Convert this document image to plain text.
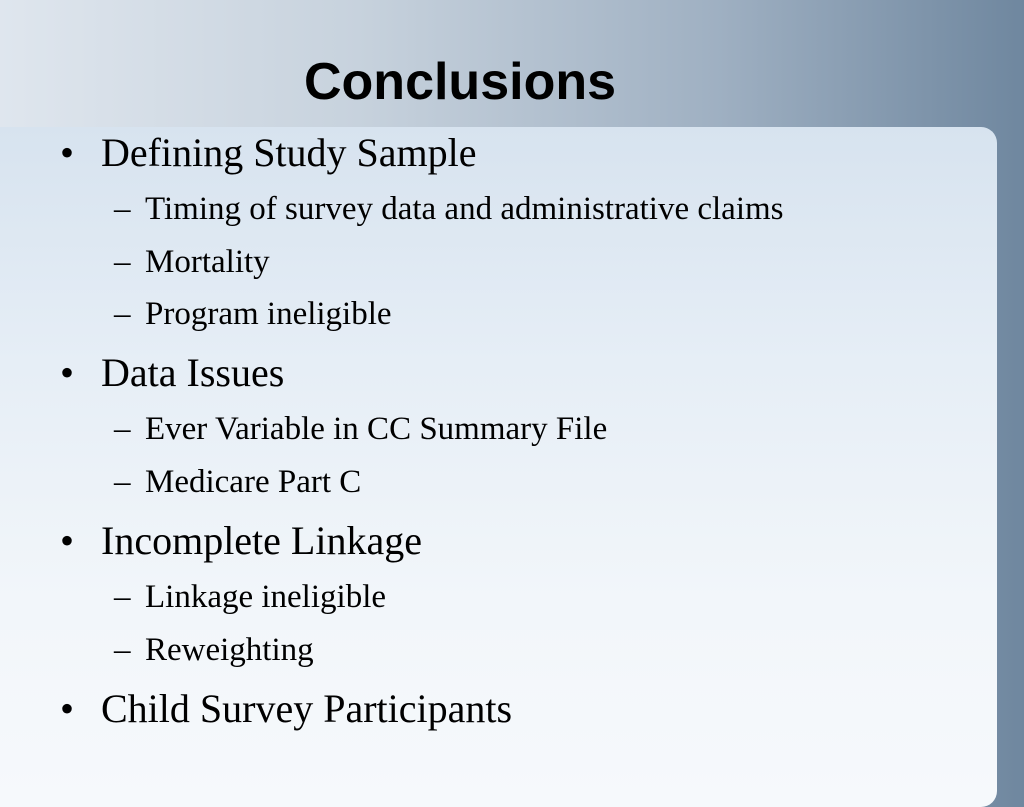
Conclusions
• Defining Study Sample
– Timing of survey data and administrative claims
– Mortality
– Program ineligible
• Data Issues
– Ever Variable in CC Summary File
– Medicare Part C
• Incomplete Linkage
– Linkage ineligible
– Reweighting
• Child Survey Participants
